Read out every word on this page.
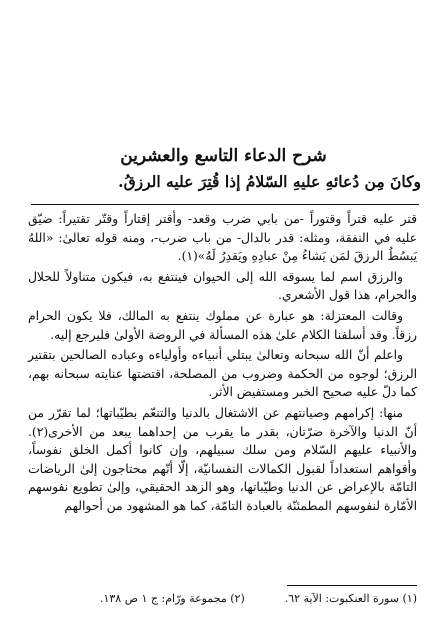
شرح الدعاء التاسع والعشرين
وكانَ مِن دُعائهِ عليهِ السّلامُ إذا قُتِرَ عليه الرزقُ.

قتر عليه قتراً وقتوراً -من بابي ضرب وقعد- وأقتر إقتاراً وقتّر تقتيراً: ضيّق عليه في النفقة، ومثله: قدر بالدال- من باب ضرب-، ومنه قوله تعالىٰ: «اللهُ يَبسُطُ الرزقَ لمَن يَشاءُ مِنْ عبادِهِ ويَقدِرُ لَهُ»(١).

والرزق اسم لما يسوقه الله إلى الحيوان فينتفع به، فيكون متناولاً للحلال والحرام، هذا قول الأشعري.

وقالت المعتزلة: هو عبارة عن مملوك ينتفع به المالك، فلا يكون الحرام رزقاً. وقد أسلفنا الكلام علىٰ هذه المسألة في الروضة الأولىٰ فليرجع إليه.

واعلم أنّ الله سبحانه وتعالىٰ يبتلي أنبياءه وأولياءه وعباده الصالحين بتقتير الرزق؛ لوجوه من الحكمة وضروب من المصلحة، اقتضتها عنايته سبحانه بهم، كما دلّ عليه صحيح الخبر ومستفيض الأثر.

منها: إكرامهم وصيانتهم عن الاشتغال بالدنيا والتنعّم بطيّباتها؛ لما تقرّر من أنّ الدنيا والآخرة ضرّتان، بقدر ما يقرب من إحداهما يبعد من الأخرى(٢). والأنبياء عليهم السّلام ومن سلك سبيلهم، وإن كانوا أكمل الخلق نفوساً، وأقواهم استعداداً لقبول الكمالات النفسانيّة، إلّا أنّهم محتاجون إلىٰ الرياضات التامّة بالإعراض عن الدنيا وطيّباتها، وهو الزهد الحقيقي، وإلىٰ تطويع نفوسهم الأمّارة لنفوسهم المطمئنّة بالعبادة التامّة، كما هو المشهود من أحوالهم

(١) سورة العنكبوت: الآية ٦٢.
(٢) مجموعة ورّام: ج ١ ص ١٣٨.
